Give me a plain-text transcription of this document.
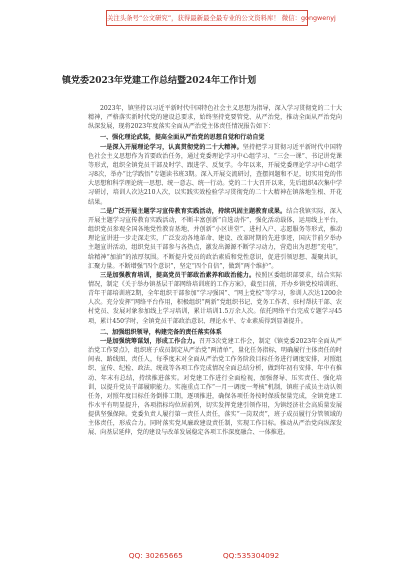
关注头条号“公文研究”，获得最新最全最专业的公文资料库！ 微信：gongwenyj
镇党委2023年党建工作总结暨2024年工作计划

2023年，镇坚持以习近平新时代中国特色社会主义思想为指导，深入学习贯彻党的二十大精神，严格落实新时代党的建设总要求，始终坚持党要管党、从严治党，推动全面从严治党向纵深发展，现将2023年度落实全面从严治党主体责任情况报告如下：

一、强化理论武装，提高全面从严治党的思想自觉和行动自觉

一是深入开展理论学习，认真贯彻党的二十大精神。坚持把学习贯彻习近平新时代中国特色社会主义思想作为首要政治任务，通过党委理论学习中心组学习、“三会一课”、书记讲党课等形式，组织全镇党员干部及时学、跟进学、反复学。今年以来，开展党委理论学习中心组学习8次，举办“比学践悟”专题读书班3期。深入开展交流研讨，查摆问题和不足，切实用党的伟大思想和科学理论统一思想、统一意志、统一行动。党的二十大召开以来，先后组织4次集中学习研讨，培训人次达210人次，以实践实效检验学习贯彻党的二十大精神在镇落地生根、开花结果。

二是广泛开展主题学习宣传教育实践活动，持续巩固主题教育成果。结合我镇实际，深入开展主题学习宣传教育实践活动，不断丰富创新“自选动作”，强化活动载体，运用线上平台，组织党员参观全国各地党性教育基地，并创新“小区讲堂”、进村入户、志愿服务等形式，推动理论宣讲进一步走深走实，广泛发动各地革命、建设、改革时期的先进事迹，国庆节前夕举办主题宣讲活动，组织党员干部参与各热点，激发出源源不断学习动力，营造出为思想“充电”，给精神“加油”的浓厚氛围。不断提升党员的政治素质和党性意识，促进引领思想、凝聚共识，汇聚力量。不断增强“四个意识”，坚定“四个自信”，做到“两个维护”。

三是加强教育培训，提高党员干部政治素养和政治能力。按照区委组织部要求，结合实际情况，制定《关于举办镇基层干部网络培训班的工作方案》，截至目前，开办乡镇党校培训班、青年干部培训班2期，全年组织干部参加“学习强国”、“网上党校”等学习，参训人次达1200余人次。充分发挥“网络平台作用，积极组织“两新”党组织书记、党务工作者、驻村帮扶干部、农村党员、发展对象参加线上学习培训，累计培训1.5万余人次。依托网络平台完成专题学习45项，累计450学时，全镇党员干部政治意识、理论水平、专业素质得到显著提升。

二、加强组织领导，构建完备的责任落实体系

一是加强统筹谋划，形成工作合力。召开3次党建工作会，制定《镇党委2023年全面从严治党工作要点》，组织班子成员制定从严治党“两清单”，量化任务指标，明确履行主体责任的时间表、路线图、责任人，每季度末对全面从严治党工作务阶段目标任务进行调度安排，对照组织、宣传、纪检、政法、统战等各项工作完成情况全面总结分析，做到年初有安排、年中有推动、年末有总结，持续推进落实。对党建工作进行全面检视，加强督导、压实责任、强化培训，以提升党员干部履职能力。实施重点工作“一月一调度一考核”机制，镇班子成员主动认领任务，对照年度目标任务倒排工期，逐项推进，确保各项任务按时保质保量完成，全镇党建工作水平有明显提升，各项指标均位居前列，切实发挥党建引领作用，为镇经济社会高质量发展提供坚强保障。党委负责人履行第一责任人责任，落实“一岗双责”，班子成员履行分管领域的主体责任，形成合力。同时落实党风廉政建设责任制，实现工作目标。推动从严治党向纵深发展、向基层延伸，党的建设与改革发展稳定各项工作深度融合、一体推进。

QQ: 30265665	QQ:535304092
